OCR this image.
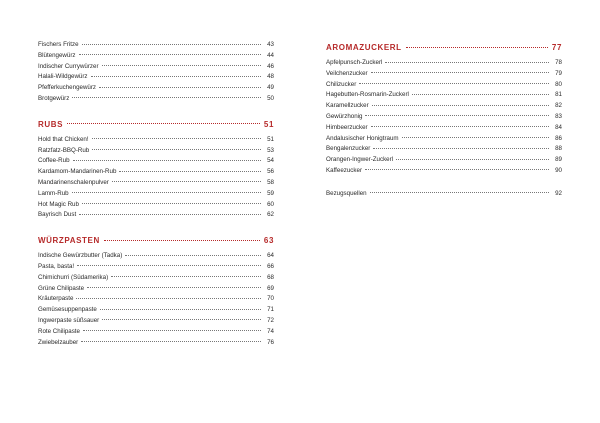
Fischers Fritze	43
Blütengewürz	44
Indischer Currywürzer	46
Halali-Wildgewürz	48
Pfefferkuchengewürz	49
Brotgewürz	50
RUBS	51
Hold that Chicken!	51
Ratzfatz-BBQ-Rub	53
Coffee-Rub	54
Kardamom-Mandarinen-Rub	56
Mandarinenschalenpulver	58
Lamm-Rub	59
Hot Magic Rub	60
Bayrisch Dust	62
WÜRZPASTEN	63
Indische Gewürzbutter (Tadka)	64
Pasta, basta!	66
Chimichurri (Südamerika)	68
Grüne Chilipaste	69
Kräuterpaste	70
Gemüsesuppenpaste	71
Ingwerpaste süßsauer	72
Rote Chilipaste	74
Zwiebelzauber	76
AROMAZUCKERL	77
Apfelpunsch-Zuckerl	78
Veilchenzucker	79
Chilizucker	80
Hagebutten-Rosmarin-Zuckerl	81
Karamellzucker	82
Gewürzhonig	83
Himbeerzucker	84
Andalusischer Honigtraum	86
Bengalenzucker	88
Orangen-Ingwer-Zuckerl	89
Kaffeezucker	90
Bezugsquellen	92
